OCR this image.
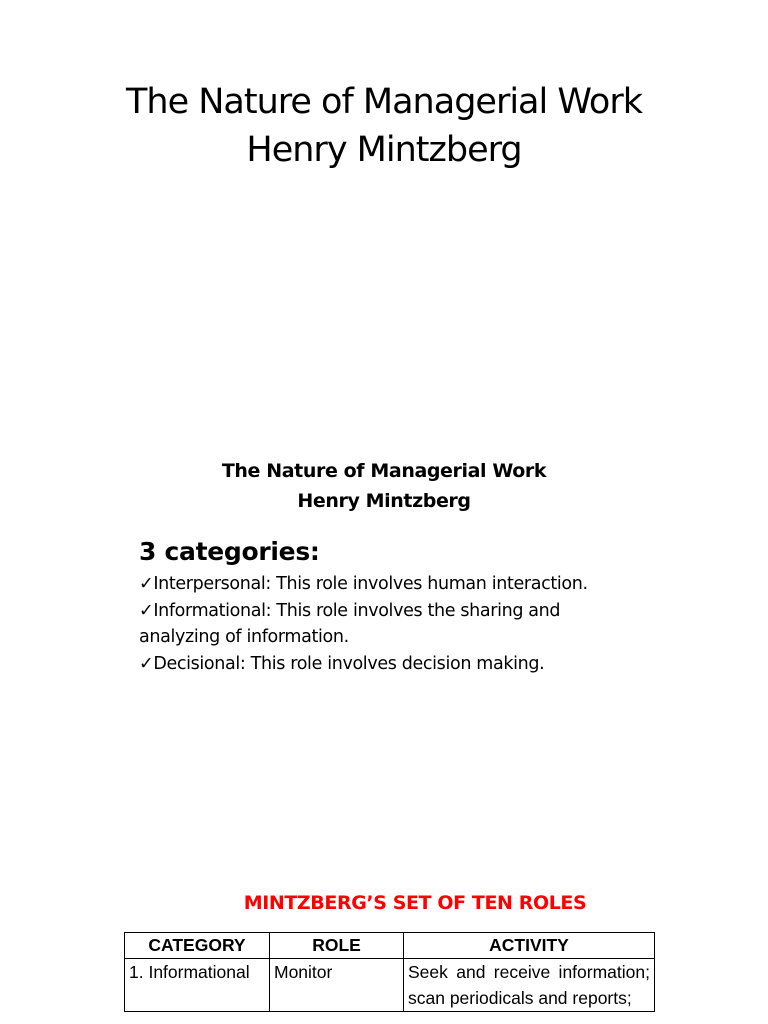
The Nature of Managerial Work
Henry Mintzberg
The Nature of Managerial Work
Henry Mintzberg
3 categories:
✓Interpersonal: This role involves human interaction.
✓Informational: This role involves the sharing and
analyzing of information.
✓Decisional: This role involves decision making.
MINTZBERG’S SET OF TEN ROLES
CATEGORY	ROLE	ACTIVITY
1. Informational	Monitor	Seek and receive information; scan periodicals and reports;
